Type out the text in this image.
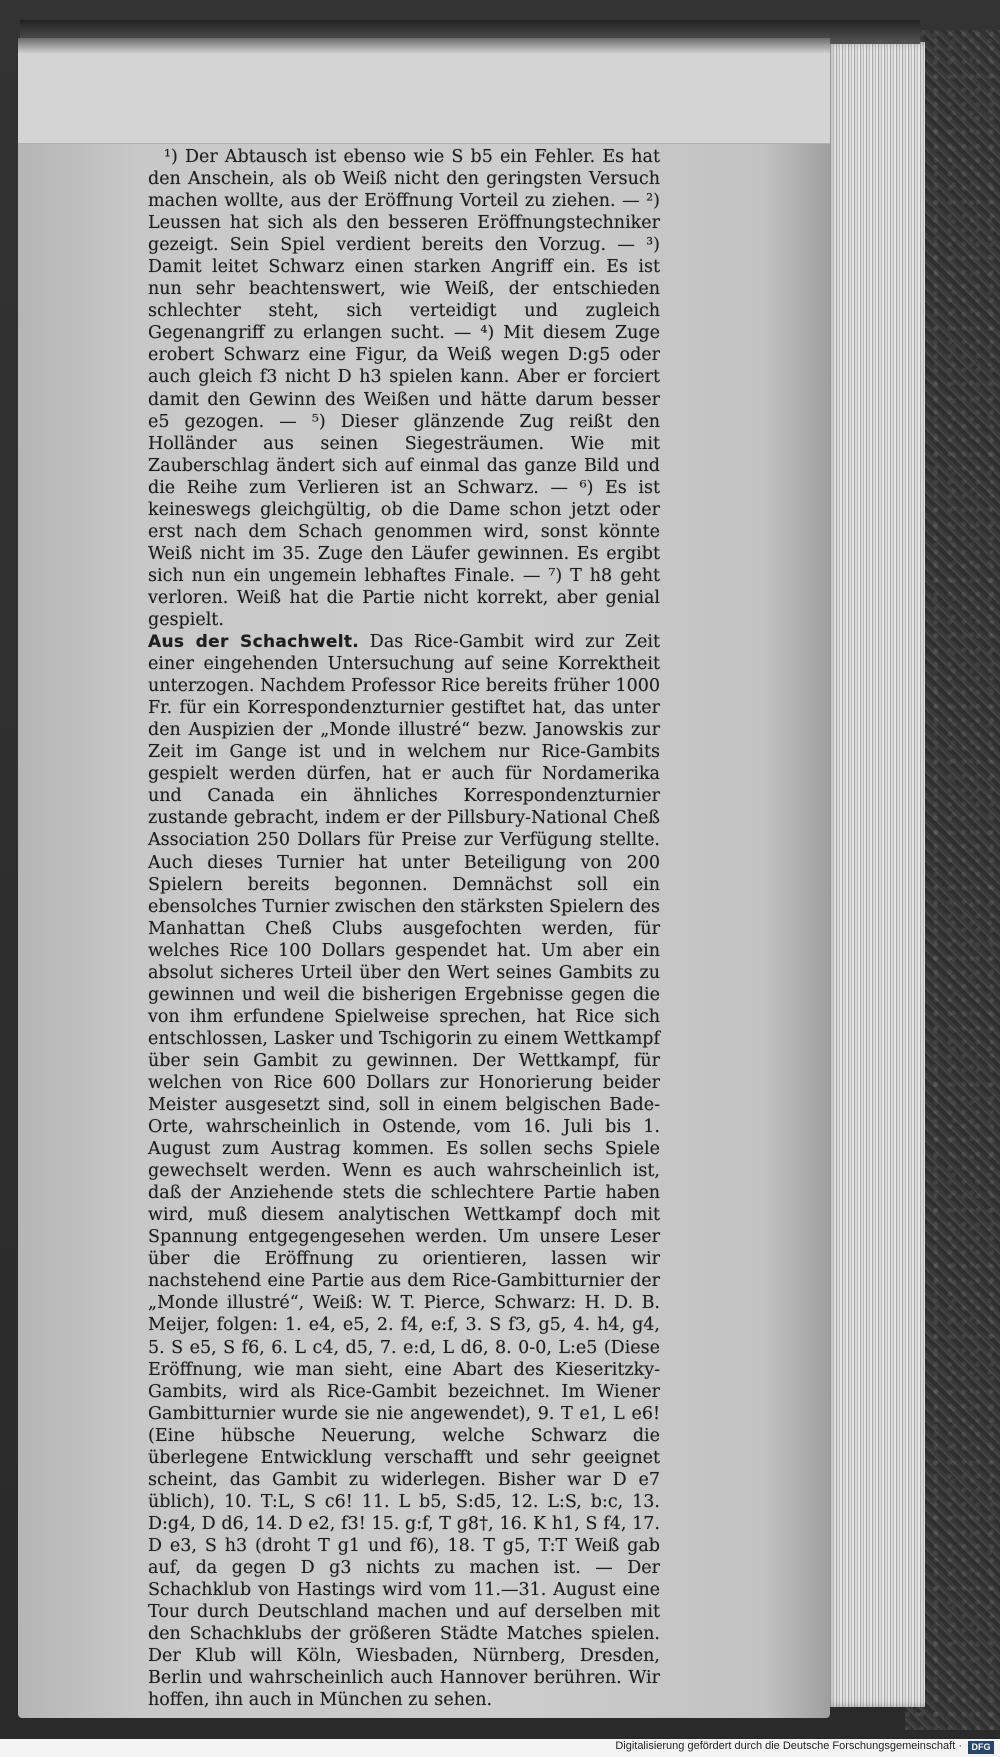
¹) Der Abtausch ist ebenso wie S b5 ein Fehler. Es hat den Anschein, als ob Weiß nicht den geringsten Versuch machen wollte, aus der Eröffnung Vorteil zu ziehen. — ²) Leussen hat sich als den besseren Eröffnungstechniker gezeigt. Sein Spiel verdient bereits den Vorzug. — ³) Damit leitet Schwarz einen starken Angriff ein. Es ist nun sehr beachtenswert, wie Weiß, der entschieden schlechter steht, sich verteidigt und zugleich Gegenangriff zu erlangen sucht. — ⁴) Mit diesem Zuge erobert Schwarz eine Figur, da Weiß wegen D:g5 oder auch gleich f3 nicht D h3 spielen kann. Aber er forciert damit den Gewinn des Weißen und hätte darum besser e5 gezogen. — ⁵) Dieser glänzende Zug reißt den Holländer aus seinen Siegesträumen. Wie mit Zauberschlag ändert sich auf einmal das ganze Bild und die Reihe zum Verlieren ist an Schwarz. — ⁶) Es ist keineswegs gleichgültig, ob die Dame schon jetzt oder erst nach dem Schach genommen wird, sonst könnte Weiß nicht im 35. Zuge den Läufer gewinnen. Es ergibt sich nun ein ungemein lebhaftes Finale. — ⁷) T h8 geht verloren. Weiß hat die Partie nicht korrekt, aber genial gespielt.

Aus der Schachwelt. Das Rice-Gambit wird zur Zeit einer eingehenden Untersuchung auf seine Korrektheit unterzogen. Nachdem Professor Rice bereits früher 1000 Fr. für ein Korrespondenzturnier gestiftet hat, das unter den Auspizien der „Monde illustré“ bezw. Janowskis zur Zeit im Gange ist und in welchem nur Rice-Gambits gespielt werden dürfen, hat er auch für Nordamerika und Canada ein ähnliches Korrespondenzturnier zustande gebracht, indem er der Pillsbury-National Cheß Association 250 Dollars für Preise zur Verfügung stellte. Auch dieses Turnier hat unter Beteiligung von 200 Spielern bereits begonnen. Demnächst soll ein ebensolches Turnier zwischen den stärksten Spielern des Manhattan Cheß Clubs ausgefochten werden, für welches Rice 100 Dollars gespendet hat. Um aber ein absolut sicheres Urteil über den Wert seines Gambits zu gewinnen und weil die bisherigen Ergebnisse gegen die von ihm erfundene Spielweise sprechen, hat Rice sich entschlossen, Lasker und Tschigorin zu einem Wettkampf über sein Gambit zu gewinnen. Der Wettkampf, für welchen von Rice 600 Dollars zur Honorierung beider Meister ausgesetzt sind, soll in einem belgischen Bade-Orte, wahrscheinlich in Ostende, vom 16. Juli bis 1. August zum Austrag kommen. Es sollen sechs Spiele gewechselt werden. Wenn es auch wahrscheinlich ist, daß der Anziehende stets die schlechtere Partie haben wird, muß diesem analytischen Wettkampf doch mit Spannung entgegengesehen werden. Um unsere Leser über die Eröffnung zu orientieren, lassen wir nachstehend eine Partie aus dem Rice-Gambitturnier der „Monde illustré“, Weiß: W. T. Pierce, Schwarz: H. D. B. Meijer, folgen: 1. e4, e5, 2. f4, e:f, 3. S f3, g5, 4. h4, g4, 5. S e5, S f6, 6. L c4, d5, 7. e:d, L d6, 8. 0-0, L:e5 (Diese Eröffnung, wie man sieht, eine Abart des Kieseritzky-Gambits, wird als Rice-Gambit bezeichnet. Im Wiener Gambitturnier wurde sie nie angewendet), 9. T e1, L e6! (Eine hübsche Neuerung, welche Schwarz die überlegene Entwicklung verschafft und sehr geeignet scheint, das Gambit zu widerlegen. Bisher war D e7 üblich), 10. T:L, S c6! 11. L b5, S:d5, 12. L:S, b:c, 13. D:g4, D d6, 14. D e2, f3! 15. g:f, T g8†, 16. K h1, S f4, 17. D e3, S h3 (droht T g1 und f6), 18. T g5, T:T Weiß gab auf, da gegen D g3 nichts zu machen ist. — Der Schachklub von Hastings wird vom 11.—31. August eine Tour durch Deutschland machen und auf derselben mit den Schachklubs der größeren Städte Matches spielen. Der Klub will Köln, Wiesbaden, Nürnberg, Dresden, Berlin und wahrscheinlich auch Hannover berühren. Wir hoffen, ihn auch in München zu sehen.

Digitalisierung gefördert durch die Deutsche Forschungsgemeinschaft ·	DFG
